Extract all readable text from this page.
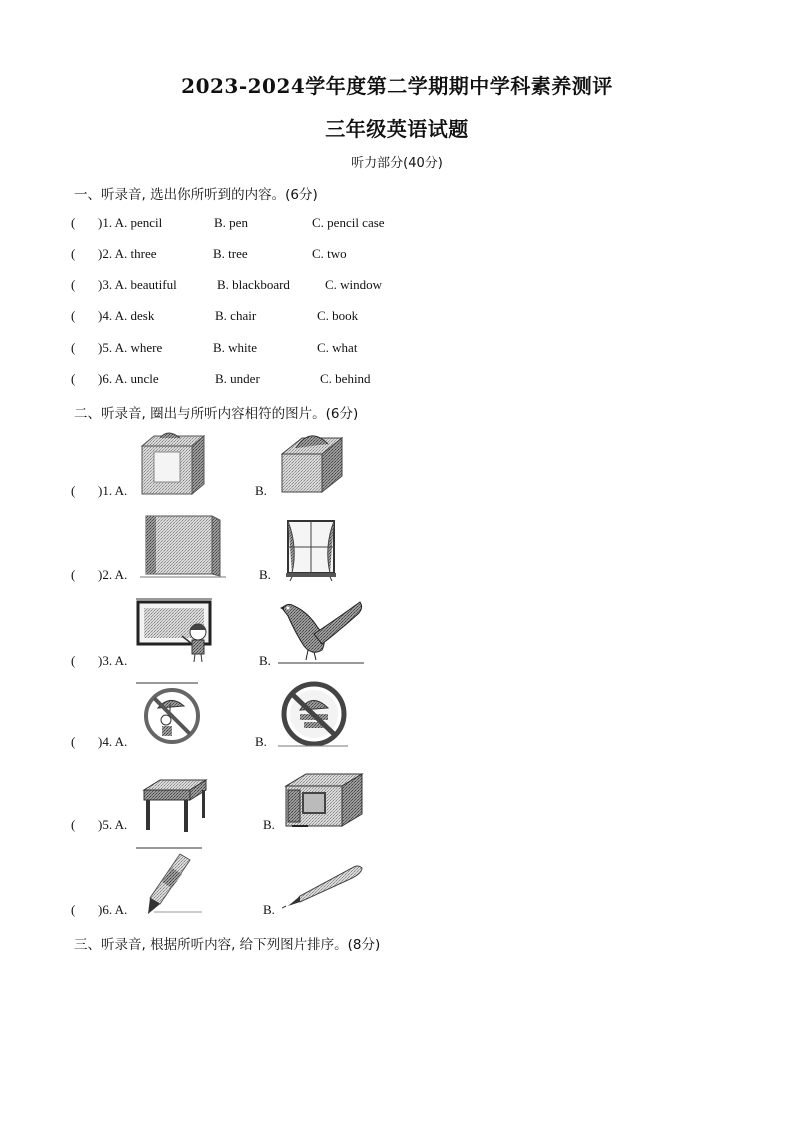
2023-2024学年度第二学期期中学科素养测评
三年级英语试题
听力部分(40分)
一、听录音, 选出你所听到的内容。(6分)
( )1. A. pencil	B. pen	C. pencil case
( )2. A. three	B. tree	C. two
( )3. A. beautiful	B. blackboard	C. window
( )4. A. desk	B. chair	C. book
( )5. A. where	B. white	C. what
( )6. A. uncle	B. under	C. behind
二、听录音, 圈出与所听内容相符的图片。(6分)
( )1. A.	B.
( )2. A.	B.
( )3. A.	B.
( )4. A.	B.
( )5. A.	B.
( )6. A.	B.
三、听录音, 根据所听内容, 给下列图片排序。(8分)
